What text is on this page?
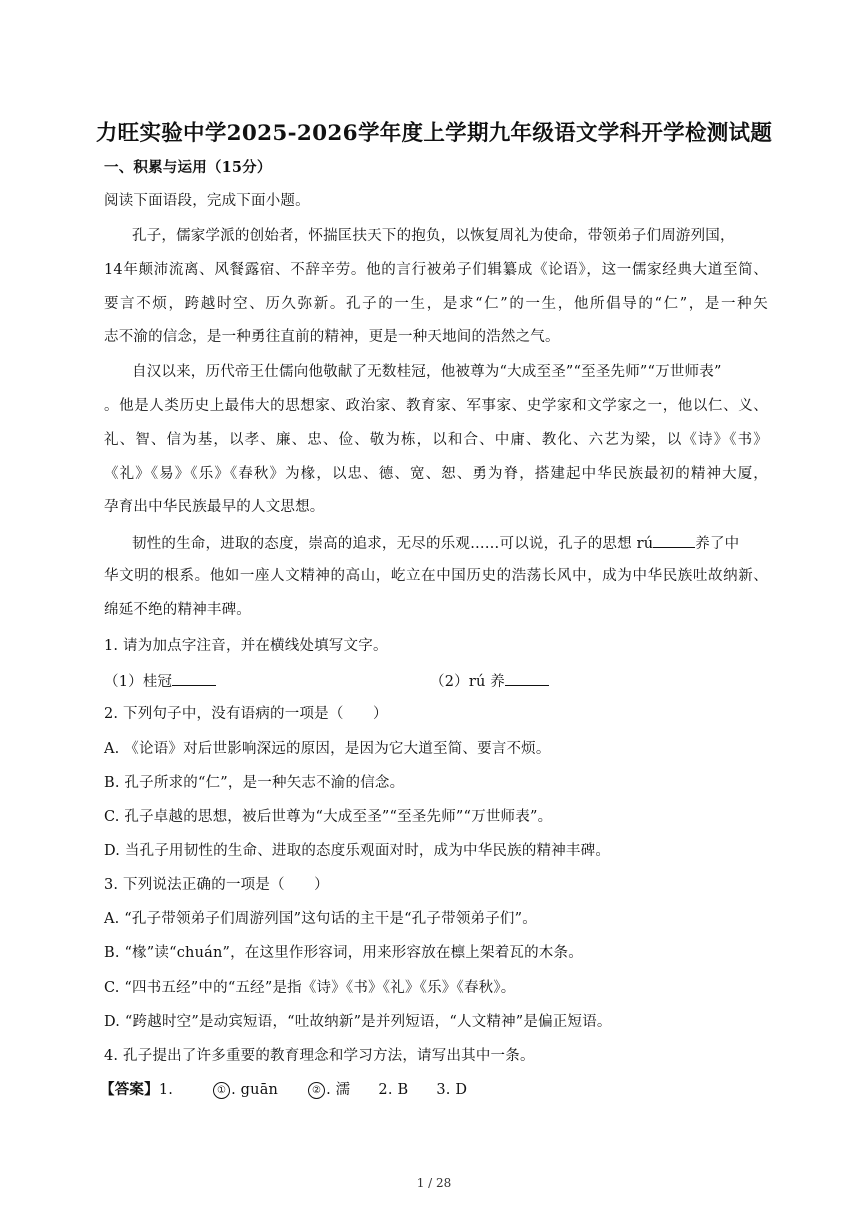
力旺实验中学2025-2026学年度上学期九年级语文学科开学检测试题
一、积累与运用（15分）
阅读下面语段，完成下面小题。
孔子，儒家学派的创始者，怀揣匡扶天下的抱负，以恢复周礼为使命，带领弟子们周游列国，
14年颠沛流离、风餐露宿、不辞辛劳。他的言行被弟子们辑纂成《论语》，这一儒家经典大道至简、
要言不烦，跨越时空、历久弥新。孔子的一生，是求“仁”的一生，他所倡导的“仁”，是一种矢
志不渝的信念，是一种勇往直前的精神，更是一种天地间的浩然之气。
自汉以来，历代帝王仕儒向他敬献了无数桂冠，他被尊为“大成至圣”“至圣先师”“万世师表”
。他是人类历史上最伟大的思想家、政治家、教育家、军事家、史学家和文学家之一，他以仁、义、
礼、智、信为基，以孝、廉、忠、俭、敬为栋，以和合、中庸、教化、六艺为梁，以《诗》《书》
《礼》《易》《乐》《春秋》为椽，以忠、德、宽、恕、勇为脊，搭建起中华民族最初的精神大厦，
孕育出中华民族最早的人文思想。
韧性的生命，进取的态度，崇高的追求，无尽的乐观……可以说，孔子的思想 rú	养了中
华文明的根系。他如一座人文精神的高山，屹立在中国历史的浩荡长风中，成为中华民族吐故纳新、
绵延不绝的精神丰碑。
1. 请为加点字注音，并在横线处填写文字。
（1）桂冠	（2）rú 养
2. 下列句子中，没有语病的一项是（　　）
A. 《论语》对后世影响深远的原因，是因为它大道至简、要言不烦。
B. 孔子所求的“仁”，是一种矢志不渝的信念。
C. 孔子卓越的思想，被后世尊为“大成至圣”“至圣先师”“万世师表”。
D. 当孔子用韧性的生命、进取的态度乐观面对时，成为中华民族的精神丰碑。
3. 下列说法正确的一项是（　　）
A. “孔子带领弟子们周游列国”这句话的主干是“孔子带领弟子们”。
B. “椽”读“chuán”，在这里作形容词，用来形容放在檩上架着瓦的木条。
C. “四书五经”中的“五经”是指《诗》《书》《礼》《乐》《春秋》。
D. “跨越时空”是动宾短语，“吐故纳新”是并列短语，“人文精神”是偏正短语。
4. 孔子提出了许多重要的教育理念和学习方法，请写出其中一条。
【答案】1.	① . guān	② . 濡 2. B 3. D
1 / 28
